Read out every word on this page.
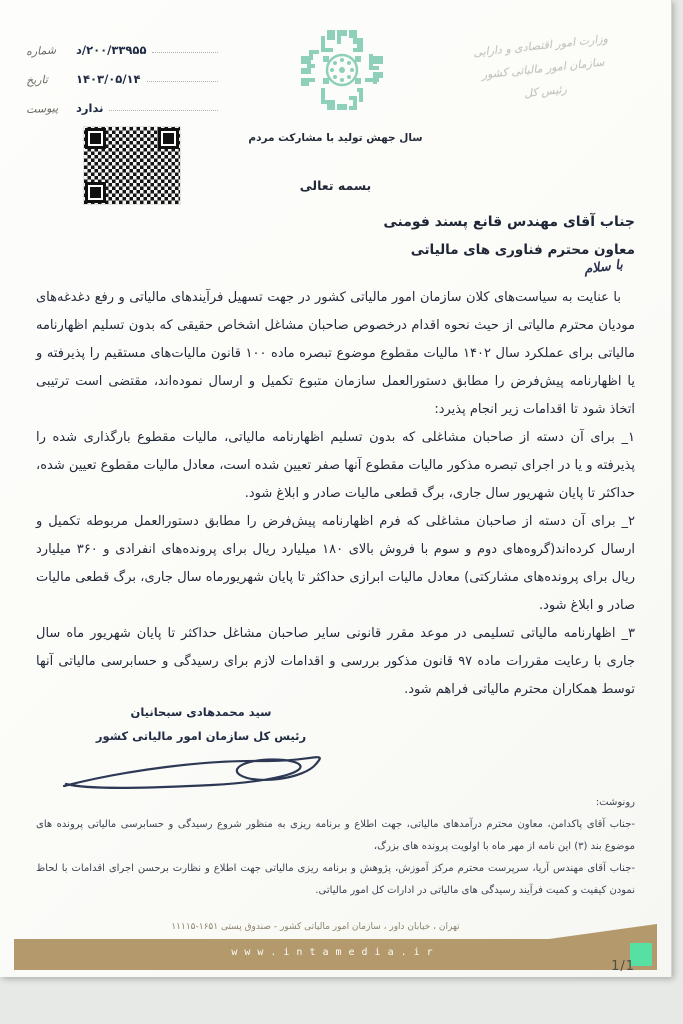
۲۰۰/۳۳۹۵۵/د
شماره
۱۴۰۳/۰۵/۱۴
تاریخ
ندارد
پیوست
وزارت امور اقتصادی و دارایی
سازمان امور مالیاتی کشور
رئیس کل
سال جهش تولید با مشارکت مردم
بسمه تعالی
جناب آقای مهندس قانع پسند فومنی
معاون محترم فناوری های مالیاتی
با سلام

با عنایت به سیاست‌های کلان سازمان امور مالیاتی کشور در جهت تسهیل فرآیندهای مالیاتی و رفع دغدغه‌های مودیان محترم مالیاتی از حیث نحوه اقدام درخصوص صاحبان مشاغل اشخاص حقیقی که بدون تسلیم اظهارنامه مالیاتی برای عملکرد سال ۱۴۰۲ مالیات مقطوع موضوع تبصره ماده ۱۰۰ قانون مالیات‌های مستقیم را پذیرفته و یا اظهارنامه پیش‌فرض را مطابق دستورالعمل سازمان متبوع تکمیل و ارسال نموده‌اند، مقتضی است ترتیبی اتخاذ شود تا اقدامات زیر انجام پذیرد:

۱_ برای آن دسته از صاحبان مشاغلی که بدون تسلیم اظهارنامه مالیاتی، مالیات مقطوع بارگذاری شده را پذیرفته و یا در اجرای تبصره مذکور مالیات مقطوع آنها صفر تعیین شده است، معادل مالیات مقطوع تعیین شده، حداکثر تا پایان شهریور سال جاری، برگ قطعی مالیات صادر و ابلاغ شود.

۲_ برای آن دسته از صاحبان مشاغلی که فرم اظهارنامه پیش‌فرض را مطابق دستورالعمل مربوطه تکمیل و ارسال کرده‌اند(گروه‌های دوم و سوم با فروش بالای ۱۸۰ میلیارد ریال برای پرونده‌های انفرادی و ۳۶۰ میلیارد ریال برای پرونده‌های مشارکتی) معادل مالیات ابرازی حداکثر تا پایان شهریورماه سال جاری، برگ قطعی مالیات صادر و ابلاغ شود.

۳_ اظهارنامه مالیاتی تسلیمی در موعد مقرر قانونی سایر صاحبان مشاغل حداکثر تا پایان شهریور ماه سال جاری با رعایت مقررات ماده ۹۷ قانون مذکور بررسی و اقدامات لازم برای رسیدگی و حسابرسی مالیاتی آنها توسط همکاران محترم مالیاتی فراهم شود.

سید محمدهادی سبحانیان
رئیس کل سازمان امور مالیاتی کشور

رونوشت:

-جناب آقای پاکدامن، معاون محترم درآمدهای مالیاتی، جهت اطلاع و برنامه ریزی به منظور شروع رسیدگی و حسابرسی مالیاتی پرونده های موضوع بند (۳) این نامه از مهر ماه با اولویت پرونده های بزرگ،

-جناب آقای مهندس آریا، سرپرست محترم مرکز آموزش، پژوهش و برنامه ریزی مالیاتی جهت اطلاع و نظارت برحسن اجرای اقدامات با لحاظ نمودن کیفیت و کمیت فرآیند رسیدگی های مالیاتی در ادارات کل امور مالیاتی.

تهران ، خیابان داور ، سازمان امور مالیاتی کشور - صندوق پستی ۱۶۵۱-۱۱۱۱۵
www.intamedia.ir
1/1
